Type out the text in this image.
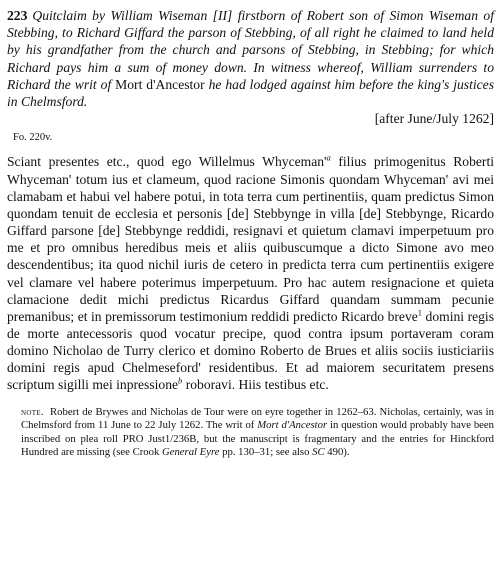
223 Quitclaim by William Wiseman [II] firstborn of Robert son of Simon Wiseman of Stebbing, to Richard Giffard the parson of Stebbing, of all right he claimed to land held by his grandfather from the church and parsons of Stebbing, in Stebbing; for which Richard pays him a sum of money down. In witness whereof, William surrenders to Richard the writ of Mort d'Ancestor he had lodged against him before the king's justices in Chelmsford.

[after June/July 1262]

Fo. 220v.

Sciant presentes etc., quod ego Willelmus $Whyceman'^a$ filius primogenitus Roberti Whyceman' totum ius et clameum, quod racione Simonis quondam Whyceman' avi mei clamabam et habui vel habere potui, in tota terra cum pertinentiis, quam predictus Simon quondam tenuit de ecclesia et personis [de] Stebbynge in villa [de] Stebbynge, Ricardo Giffard parsone [de] Stebbynge reddidi, resignavi et quietum clamavi imperpetuum pro me et pro omnibus heredibus meis et aliis quibuscumque a dicto Simone avo meo descendentibus; ita quod nichil iuris de cetero in predicta terra cum pertinentiis exigere vel clamare vel habere poterimus imperpetuum. Pro hac autem resignacione et quieta clamacione dedit michi predictus Ricardus Giffard quandam summam pecunie premanibus; et in premissorum testimonium reddidi predicto Ricardo breve$^1$ domini regis de morte antecessoris quod vocatur precipe, quod contra ipsum portaveram coram domino Nicholao de Turry clerico et domino Roberto de Brues et aliis sociis iusticiariis domini regis apud Chelmeseford' residentibus. Et ad maiorem securitatem presens scriptum sigilli mei inpressione$^b$ roboravi. Hiis testibus etc.

note. Robert de Brywes and Nicholas de Tour were on eyre together in 1262–63. Nicholas, certainly, was in Chelmsford from 11 June to 22 July 1262. The writ of Mort d'Ancestor in question would probably have been inscribed on plea roll PRO Just1/236B, but the manuscript is fragmentary and the entries for Hinckford Hundred are missing (see Crook General Eyre pp. 130–31; see also SC 490).
